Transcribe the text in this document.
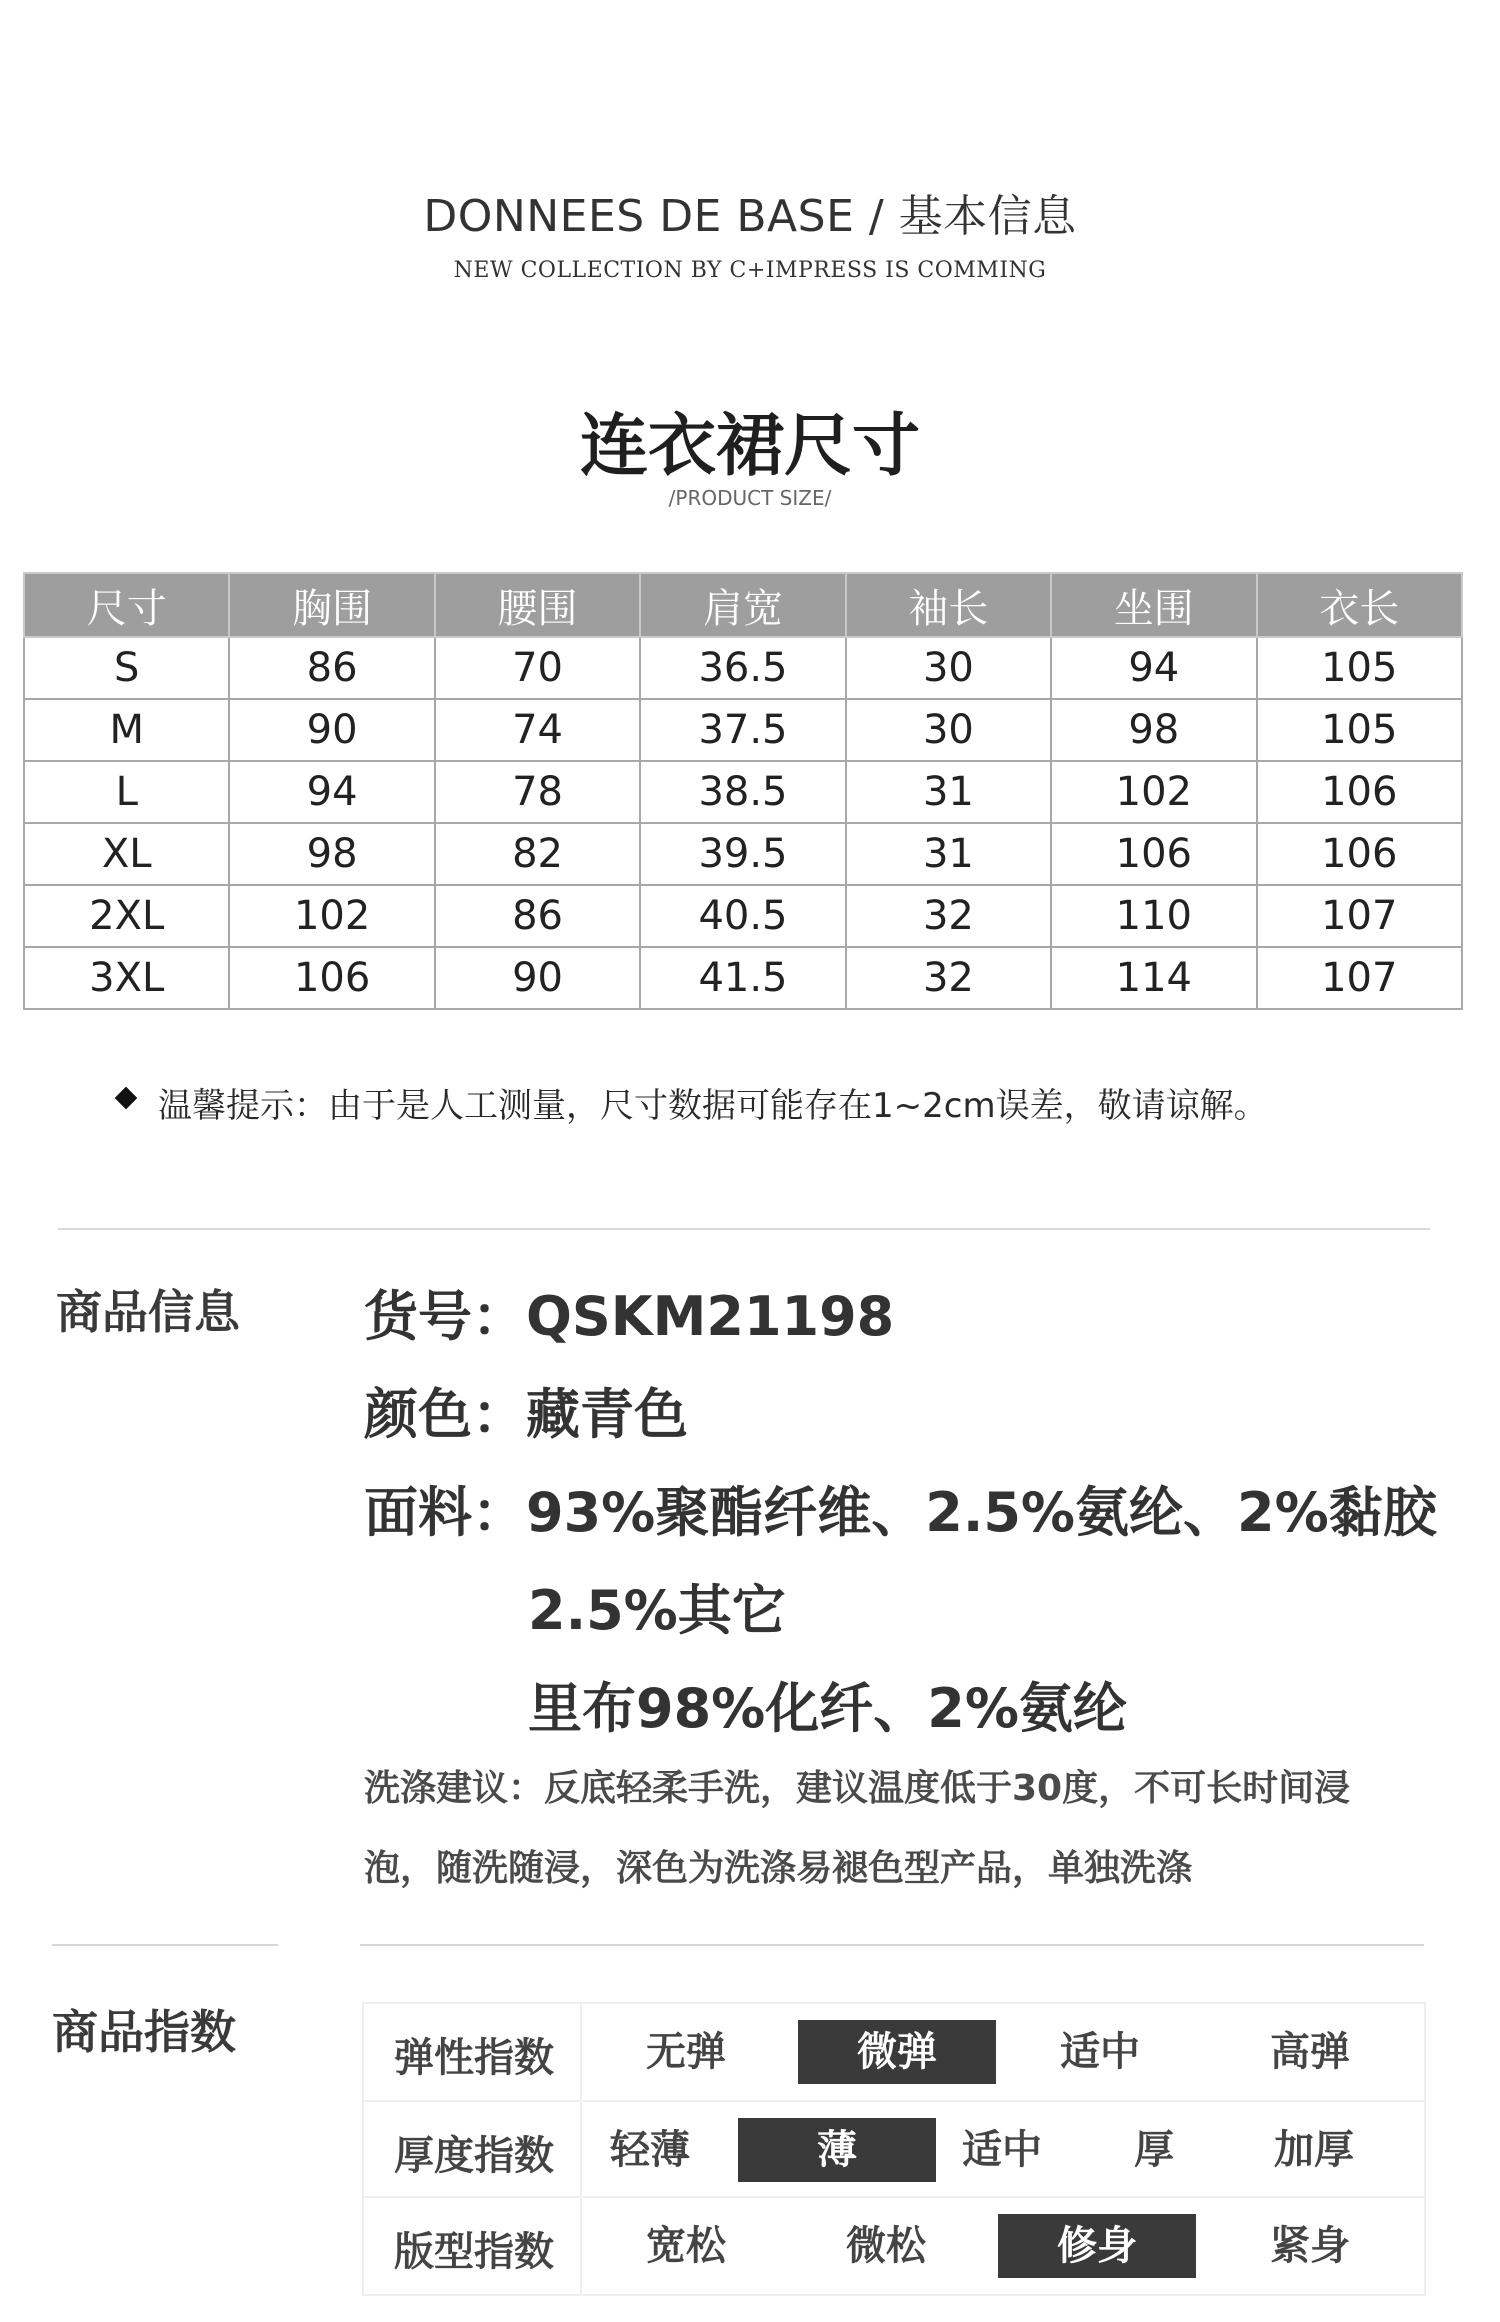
DONNEES DE BASE / 基本信息
NEW COLLECTION BY C+IMPRESS IS COMMING
连衣裙尺寸
/PRODUCT SIZE/
尺寸	胸围	腰围	肩宽	袖长	坐围	衣长
S	86	70	36.5	30	94	105
M	90	74	37.5	30	98	105
L	94	78	38.5	31	102	106
XL	98	82	39.5	31	106	106
2XL	102	86	40.5	32	110	107
3XL	106	90	41.5	32	114	107
温馨提示：由于是人工测量，尺寸数据可能存在1~2cm误差，敬请谅解。
商品信息 货号：QSKM21198
颜色：藏青色
面料：93%聚酯纤维、2.5%氨纶、2%黏胶
2.5%其它
里布98%化纤、2%氨纶
洗涤建议：反底轻柔手洗，建议温度低于30度，不可长时间浸
泡，随洗随浸，深色为洗涤易褪色型产品，单独洗涤
商品指数	弹性指数	无弹	微弹	适中	高弹
厚度指数	轻薄	薄	适中	厚	加厚
版型指数	宽松	微松	修身	紧身
